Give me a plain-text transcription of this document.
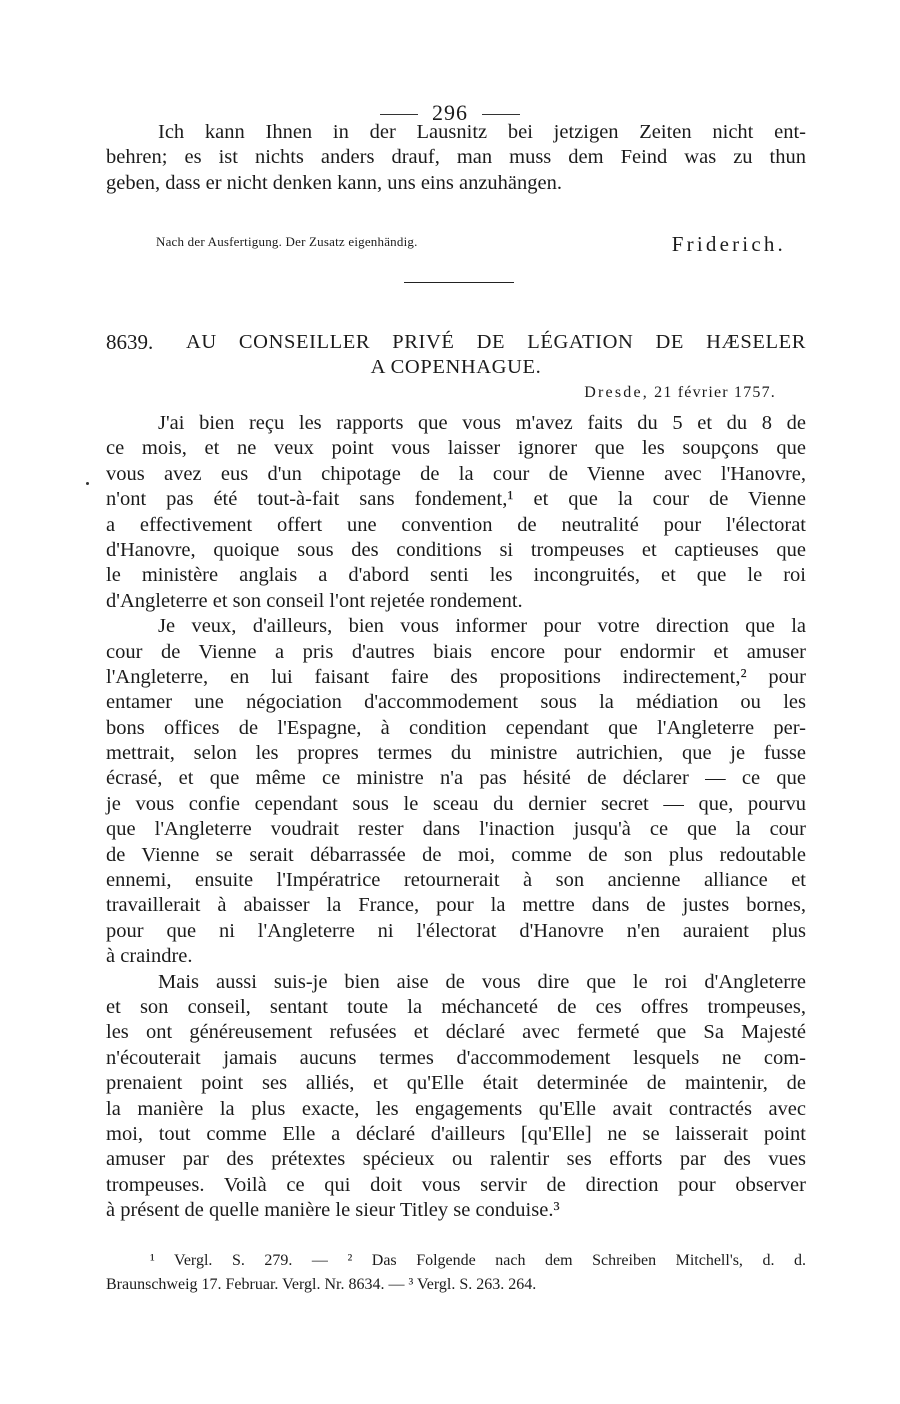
296
Ich kann Ihnen in der Lausnitz bei jetzigen Zeiten nicht ent-
behren; es ist nichts anders drauf, man muss dem Feind was zu thun
geben, dass er nicht denken kann, uns eins anzuhängen.
Nach der Ausfertigung. Der Zusatz eigenhändig.	Friderich.
8639. AU CONSEILLER PRIVÉ DE LÉGATION DE HÆSELER
A COPENHAGUE.
Dresde, 21 février 1757.
J'ai bien reçu les rapports que vous m'avez faits du 5 et du 8 de
ce mois, et ne veux point vous laisser ignorer que les soupçons que
vous avez eus d'un chipotage de la cour de Vienne avec l'Hanovre,
n'ont pas été tout-à-fait sans fondement,¹ et que la cour de Vienne
a effectivement offert une convention de neutralité pour l'électorat
d'Hanovre, quoique sous des conditions si trompeuses et captieuses que
le ministère anglais a d'abord senti les incongruités, et que le roi
d'Angleterre et son conseil l'ont rejetée rondement.
Je veux, d'ailleurs, bien vous informer pour votre direction que la
cour de Vienne a pris d'autres biais encore pour endormir et amuser
l'Angleterre, en lui faisant faire des propositions indirectement,² pour
entamer une négociation d'accommodement sous la médiation ou les
bons offices de l'Espagne, à condition cependant que l'Angleterre per-
mettrait, selon les propres termes du ministre autrichien, que je fusse
écrasé, et que même ce ministre n'a pas hésité de déclarer — ce que
je vous confie cependant sous le sceau du dernier secret — que, pourvu
que l'Angleterre voudrait rester dans l'inaction jusqu'à ce que la cour
de Vienne se serait débarrassée de moi, comme de son plus redoutable
ennemi, ensuite l'Impératrice retournerait à son ancienne alliance et
travaillerait à abaisser la France, pour la mettre dans de justes bornes,
pour que ni l'Angleterre ni l'électorat d'Hanovre n'en auraient plus
à craindre.
Mais aussi suis-je bien aise de vous dire que le roi d'Angleterre
et son conseil, sentant toute la méchanceté de ces offres trompeuses,
les ont généreusement refusées et déclaré avec fermeté que Sa Majesté
n'écouterait jamais aucuns termes d'accommodement lesquels ne com-
prenaient point ses alliés, et qu'Elle était determinée de maintenir, de
la manière la plus exacte, les engagements qu'Elle avait contractés avec
moi, tout comme Elle a déclaré d'ailleurs [qu'Elle] ne se laisserait point
amuser par des prétextes spécieux ou ralentir ses efforts par des vues
trompeuses. Voilà ce qui doit vous servir de direction pour observer
à présent de quelle manière le sieur Titley se conduise.³
¹ Vergl. S. 279. — ² Das Folgende nach dem Schreiben Mitchell's, d. d.
Braunschweig 17. Februar. Vergl. Nr. 8634. — ³ Vergl. S. 263. 264.
